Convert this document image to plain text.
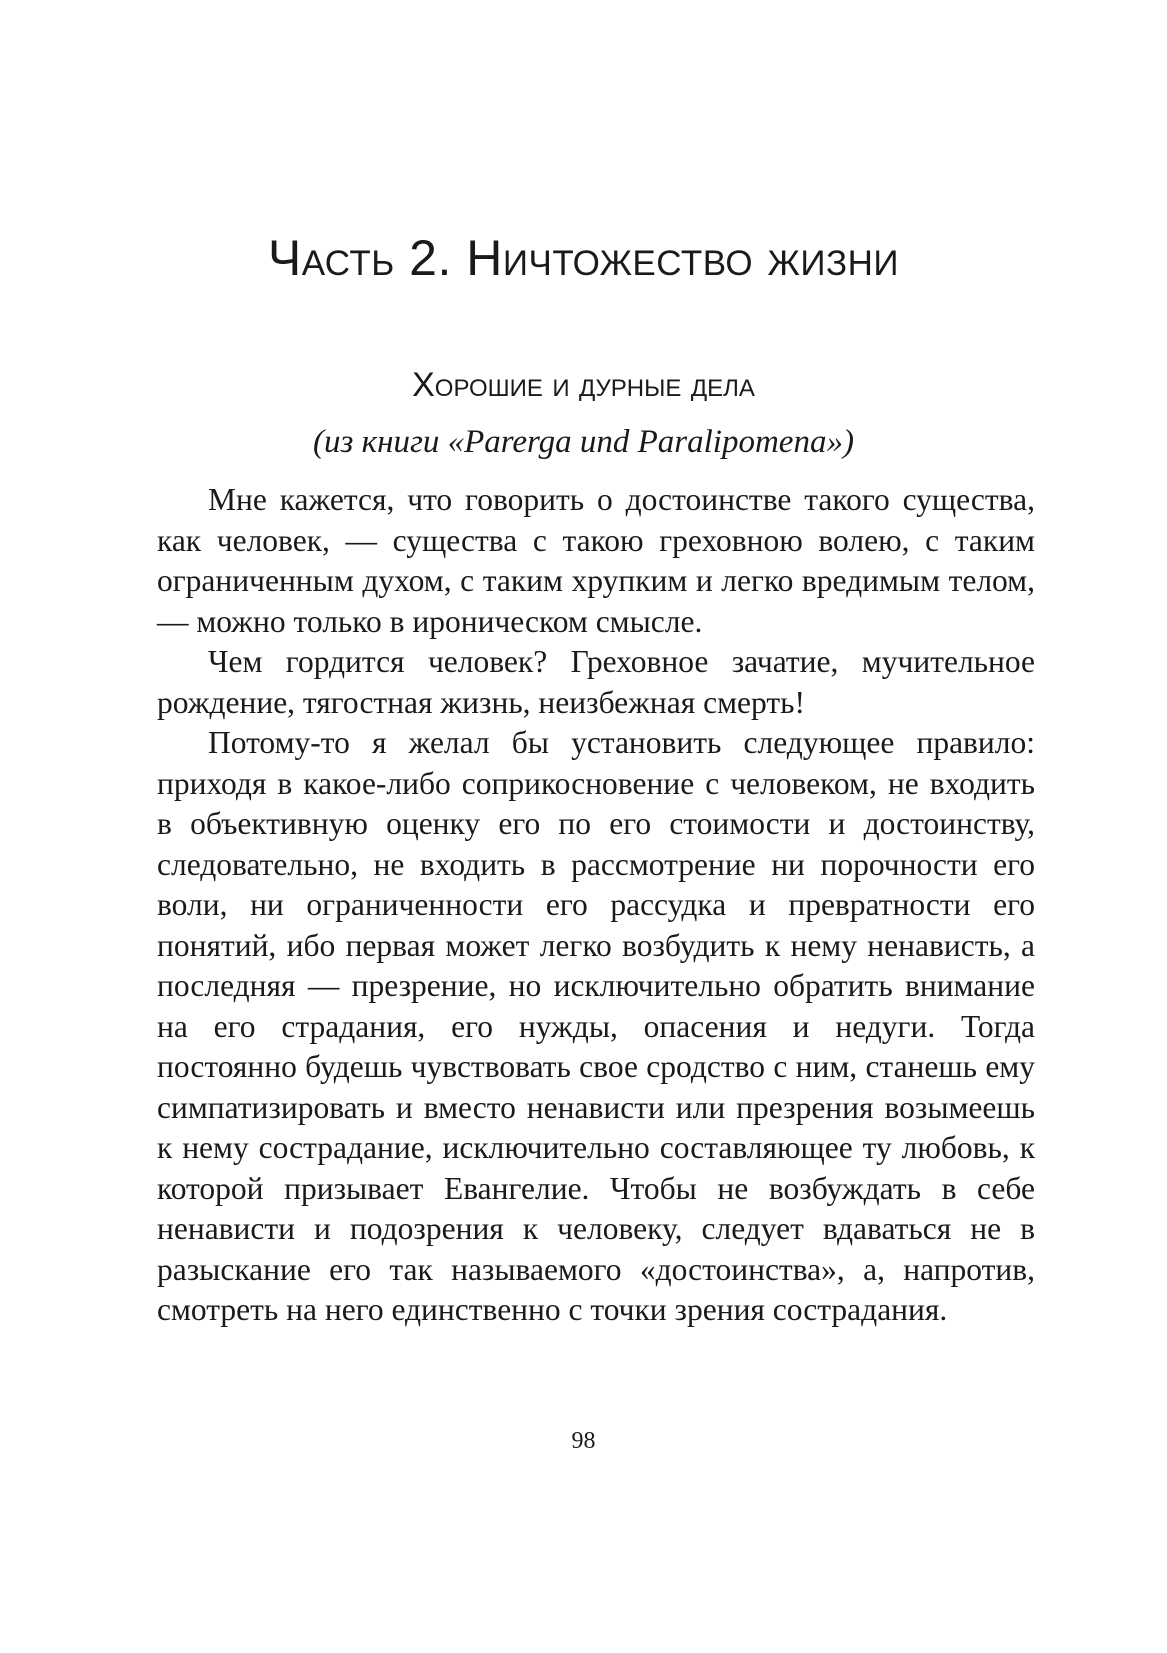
Часть 2. Ничтожество жизни
Хорошие и дурные дела
(из книги «Parerga und Paralipomena»)

Мне кажется, что говорить о достоинстве такого существа, как человек, — существа с такою греховною волею, с таким ограниченным духом, с таким хрупким и легко вредимым телом, — можно только в ироническом смысле.

Чем гордится человек? Греховное зачатие, мучительное рождение, тягостная жизнь, неизбежная смерть!

Потому-то я желал бы установить следующее правило: приходя в какое-либо соприкосновение с человеком, не входить в объективную оценку его по его стоимости и достоинству, следовательно, не входить в рассмотрение ни порочности его воли, ни ограниченности его рассудка и превратности его понятий, ибо первая может легко возбудить к нему ненависть, а последняя — презрение, но исключительно обратить внимание на его страдания, его нужды, опасения и недуги. Тогда постоянно будешь чувствовать свое сродство с ним, станешь ему симпатизировать и вместо ненависти или презрения возымеешь к нему сострадание, исключительно составляющее ту любовь, к которой призывает Евангелие. Чтобы не возбуждать в себе ненависти и подозрения к человеку, следует вдаваться не в разыскание его так называемого «достоинства», а, напротив, смотреть на него единственно с точки зрения сострадания.

98
